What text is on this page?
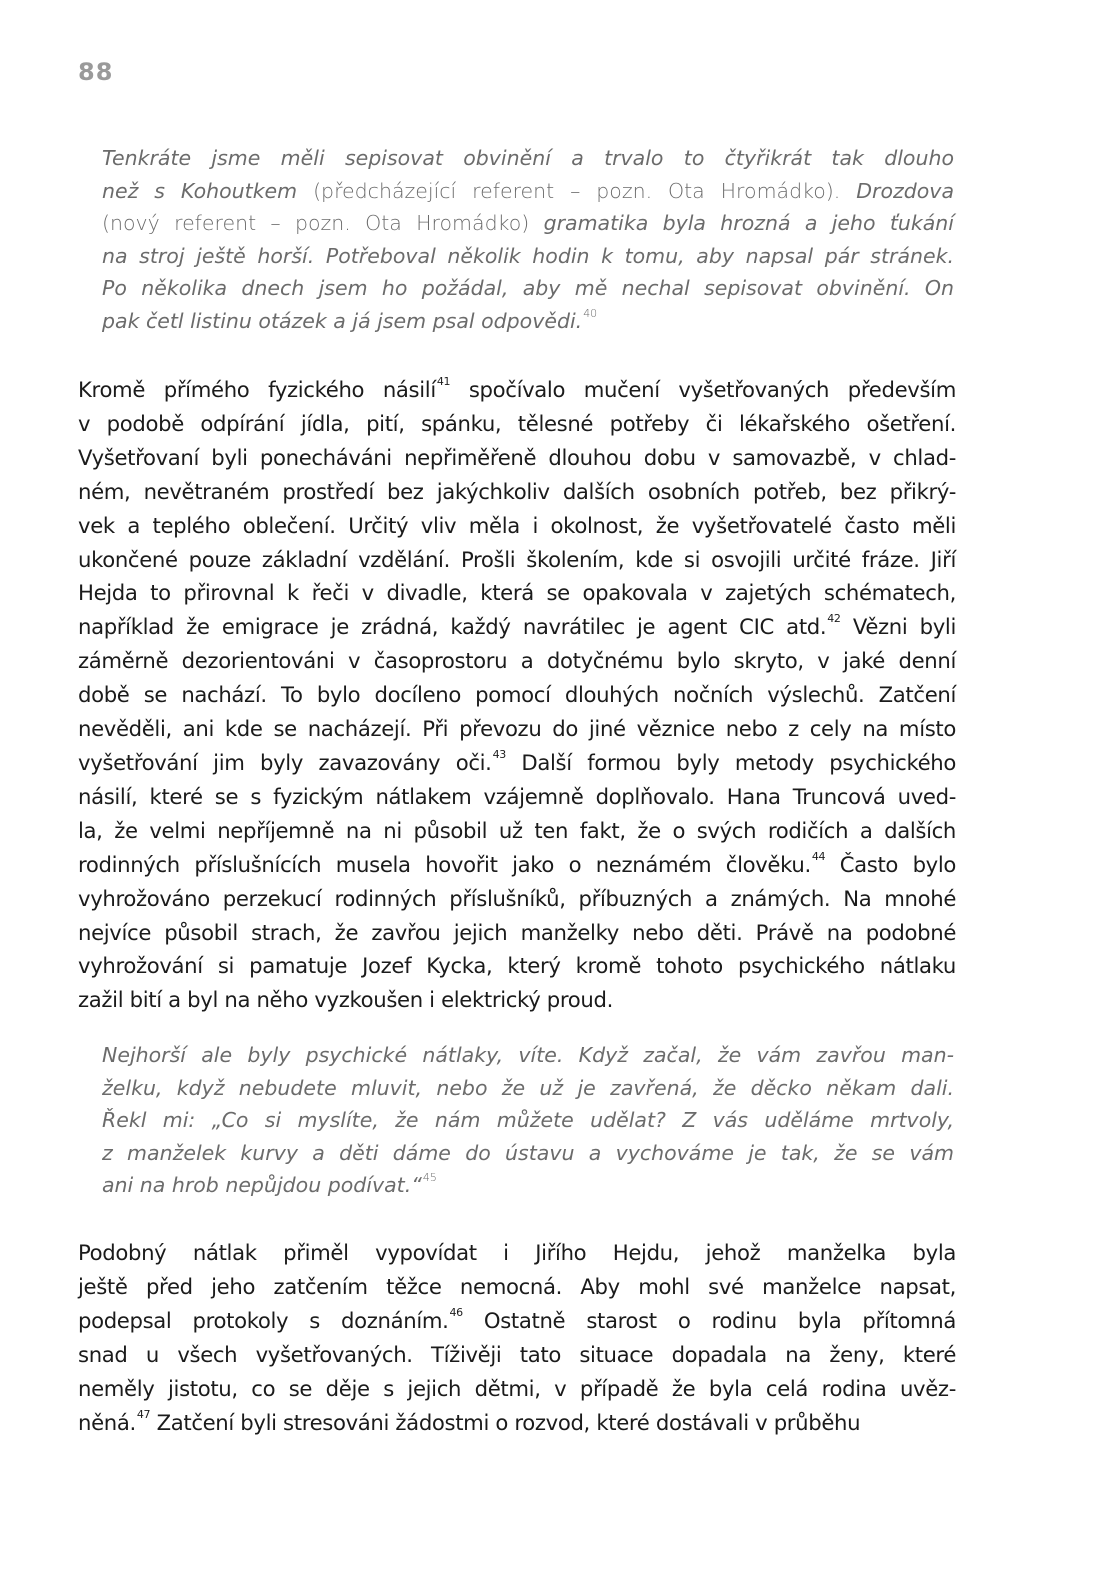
88
Tenkráte jsme měli sepisovat obvinění a trvalo to čtyřikrát tak dlouho
než s Kohoutkem (předcházející referent – pozn. Ota Hromádko). Drozdova
(nový referent – pozn. Ota Hromádko) gramatika byla hrozná a jeho ťukání
na stroj ještě horší. Potřeboval několik hodin k tomu, aby napsal pár stránek.
Po několika dnech jsem ho požádal, aby mě nechal sepisovat obvinění. On
pak četl listinu otázek a já jsem psal odpovědi.$^{40}$
Kromě přímého fyzického násilí$^{41}$ spočívalo mučení vyšetřovaných především
v podobě odpírání jídla, pití, spánku, tělesné potřeby či lékařského ošetření.
Vyšetřovaní byli ponecháváni nepřiměřeně dlouhou dobu v samovazbě, v chlad-
ném, nevětraném prostředí bez jakýchkoliv dalších osobních potřeb, bez přikrý-
vek a teplého oblečení. Určitý vliv měla i okolnost, že vyšetřovatelé často měli
ukončené pouze základní vzdělání. Prošli školením, kde si osvojili určité fráze. Jiří
Hejda to přirovnal k řeči v divadle, která se opakovala v zajetých schématech,
například že emigrace je zrádná, každý navrátilec je agent CIC atd.$^{42}$ Vězni byli
záměrně dezorientováni v časoprostoru a dotyčnému bylo skryto, v jaké denní
době se nachází. To bylo docíleno pomocí dlouhých nočních výslechů. Zatčení
nevěděli, ani kde se nacházejí. Při převozu do jiné věznice nebo z cely na místo
vyšetřování jim byly zavazovány oči.$^{43}$ Další formou byly metody psychického
násilí, které se s fyzickým nátlakem vzájemně doplňovalo. Hana Truncová uved-
la, že velmi nepříjemně na ni působil už ten fakt, že o svých rodičích a dalších
rodinných příslušnících musela hovořit jako o neznámém člověku.$^{44}$ Často bylo
vyhrožováno perzekucí rodinných příslušníků, příbuzných a známých. Na mnohé
nejvíce působil strach, že zavřou jejich manželky nebo děti. Právě na podobné
vyhrožování si pamatuje Jozef Kycka, který kromě tohoto psychického nátlaku
zažil bití a byl na něho vyzkoušen i elektrický proud.
Nejhorší ale byly psychické nátlaky, víte. Když začal, že vám zavřou man-
želku, když nebudete mluvit, nebo že už je zavřená, že děcko někam dali.
Řekl mi: „Co si myslíte, že nám můžete udělat? Z vás uděláme mrtvoly,
z manželek kurvy a děti dáme do ústavu a vychováme je tak, že se vám
ani na hrob nepůjdou podívat.“$^{45}$
Podobný nátlak přiměl vypovídat i Jiřího Hejdu, jehož manželka byla
ještě před jeho zatčením těžce nemocná. Aby mohl své manželce napsat,
podepsal protokoly s doznáním.$^{46}$ Ostatně starost o rodinu byla přítomná
snad u všech vyšetřovaných. Tíživěji tato situace dopadala na ženy, které
neměly jistotu, co se děje s jejich dětmi, v případě že byla celá rodina uvěz-
něná.$^{47}$ Zatčení byli stresováni žádostmi o rozvod, které dostávali v průběhu
